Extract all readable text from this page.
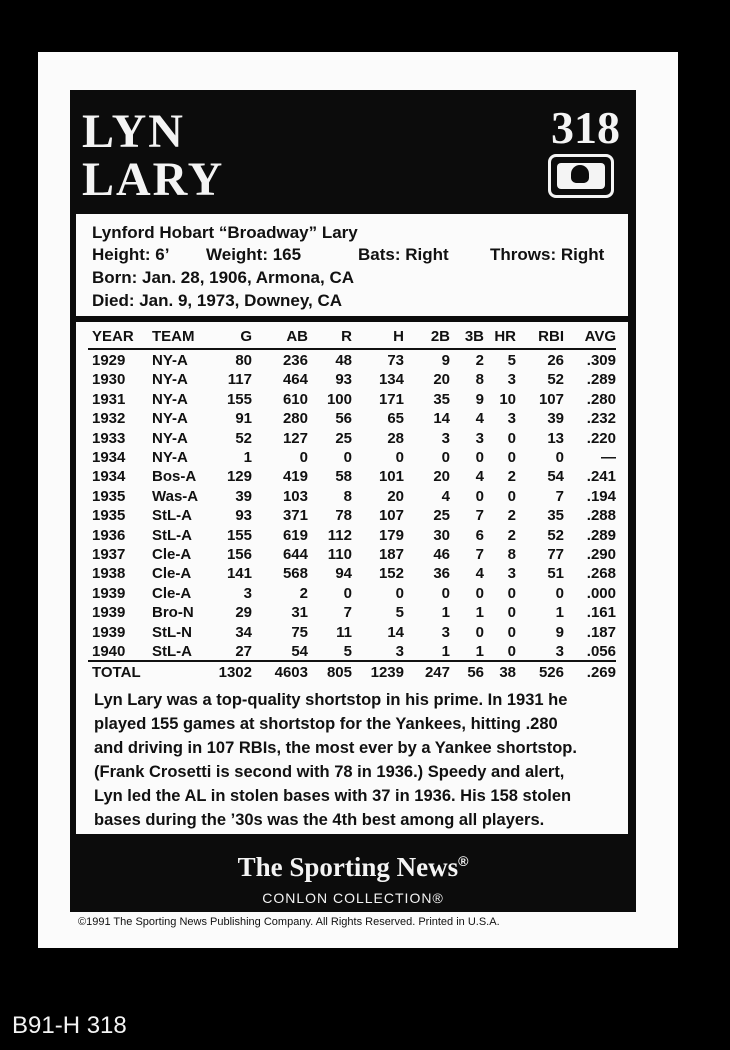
LYN
LARY
318
Lynford Hobart “Broadway” Lary
Height: 6’ Weight: 165	Bats: Right Throws: Right
Born: Jan. 28, 1906, Armona, CA
Died: Jan. 9, 1973, Downey, CA
YEAR TEAM	G AB R	H 2B 3B HR RBI AVG
Lyn Lary was a top-quality shortstop in his prime. In 1931 he
played 155 games at shortstop for the Yankees, hitting .280
and driving in 107 RBIs, the most ever by a Yankee shortstop.
(Frank Crosetti is second with 78 in 1936.) Speedy and alert,
Lyn led the AL in stolen bases with 37 in 1936. His 158 stolen
bases during the ’30s was the 4th best among all players.
1929 NY-A	80 236 48 73	9 2 5 26 .309
1930 NY-A	117 464 93 134 20 8 3 52 .289
1931 NY-A	155 610 100 171 35 9 10 107 .280
1932 NY-A	91 280 56 65 14 4 3 39 .232
1933 NY-A	52 127 25 28	3 3 0 13 .220
1934 NY-A	1	0 0	0	0 0 0	0 —
1934 Bos-A 129 419 58 101 20 4 2 54 .241
1935 Was-A 39 103 8 20	4 0 0	7 .194
1935 StL-A	93 371 78 107 25 7 2 35 .288
1936 StL-A 155 619 112 179 30 6 2 52 .289
1937 Cle-A 156 644 110 187 46 7 8 77 .290
1938 Cle-A 141 568 94 152 36 4 3 51 .268
1939 Cle-A	3	2 0	0	0 0 0	0 .000
1939 Bro-N	29	31 7	5	1 1 0	1 .161
1939 StL-N	34	75 11 14	3 0 0	9 .187
1940 StL-A	27	54 5	3	1 1 0	3 .056
TOTAL	1302 4603 805 1239 247 56 38 526 .269
The Sporting News®
CONLON COLLECTION®
©1991 The Sporting News Publishing Company. All Rights Reserved. Printed in U.S.A.
B91-H 318
